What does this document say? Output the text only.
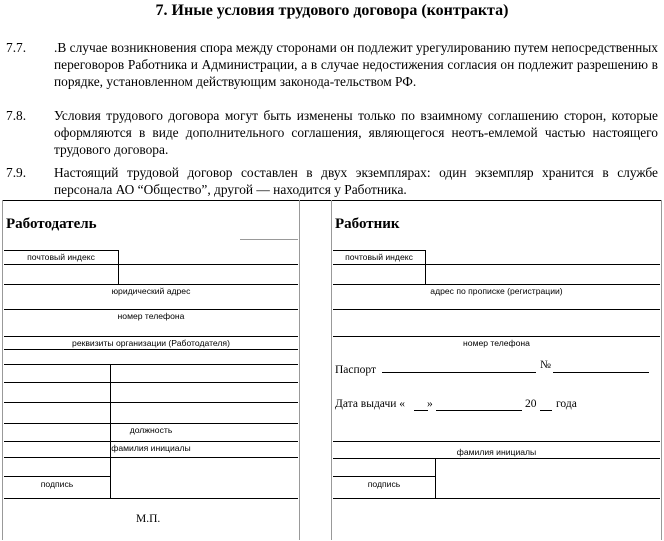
7. Иные условия трудового договора (контракта)
7.7. .В случае возникновения спора между сторонами он подлежит урегулированию путем непосредственных переговоров Работника и Администрации, а в случае недостижения согласия он подлежит разрешению в порядке, установленном действующим законода-тельством РФ.
7.8. Условия трудового договора могут быть изменены только по взаимному соглашению сторон, которые оформляются в виде дополнительного соглашения, являющегося неотъ-емлемой частью настоящего трудового договора.
7.9. Настоящий трудовой договор составлен в двух экземплярах: один экземпляр хранится в службе персонала АО “Общество”, другой — находится у Работника.
Работодатель
почтовый индекс
юридический адрес
номер телефона
реквизиты организации (Работодателя)
должность
фамилия инициалы
подпись
М.П.
Работник
почтовый индекс
адрес по прописке (регистрации)
номер телефона
Паспорт	№
Дата выдачи « »	20 года
фамилия инициалы
подпись
